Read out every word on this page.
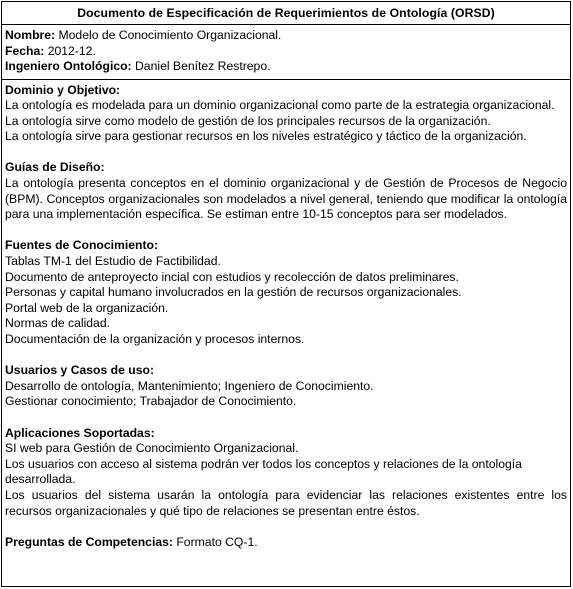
Documento de Especificación de Requerimientos de Ontología (ORSD)
Nombre: Modelo de Conocimiento Organizacional.
Fecha: 2012-12.
Ingeniero Ontológico: Daniel Benítez Restrepo.
Dominio y Objetivo:

La ontología es modelada para un dominio organizacional como parte de la estrategia organizacional.

La ontología sirve como modelo de gestión de los principales recursos de la organización.

La ontología sirve para gestionar recursos en los niveles estratégico y táctico de la organización.

Guías de Diseño:

La ontología presenta conceptos en el dominio organizacional y de Gestión de Procesos de Negocio (BPM). Conceptos organizacionales son modelados a nivel general, teniendo que modificar la ontología para una implementación específica. Se estiman entre 10-15 conceptos para ser modelados.

Fuentes de Conocimiento:

Tablas TM-1 del Estudio de Factibilidad.

Documento de anteproyecto incial con estudios y recolección de datos preliminares.

Personas y capital humano involucrados en la gestión de recursos organizacionales.

Portal web de la organización.

Normas de calidad.

Documentación de la organización y procesos internos.

Usuarios y Casos de uso:

Desarrollo de ontología, Mantenimiento; Ingeniero de Conocimiento.

Gestionar conocimiento; Trabajador de Conocimiento.

Aplicaciones Soportadas:

SI web para Gestión de Conocimiento Organizacional.

Los usuarios con acceso al sistema podrán ver todos los conceptos y relaciones de la ontología desarrollada.

Los usuarios del sistema usarán la ontología para evidenciar las relaciones existentes entre los recursos organizacionales y qué tipo de relaciones se presentan entre éstos.

Preguntas de Competencias: Formato CQ-1.
